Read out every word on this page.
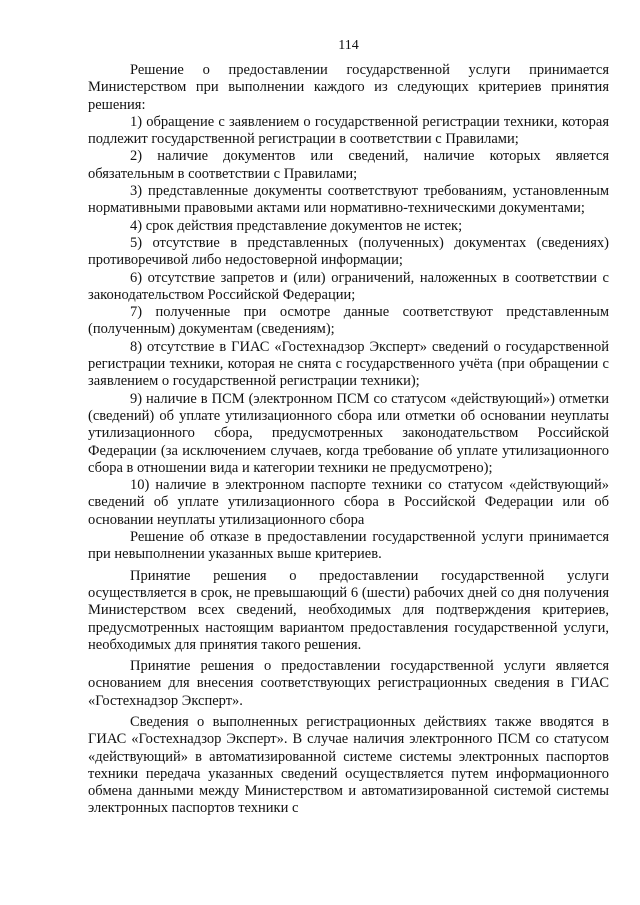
114

Решение о предоставлении государственной услуги принимается Министерством при выполнении каждого из следующих критериев принятия решения:

1) обращение с заявлением о государственной регистрации техники, которая подлежит государственной регистрации в соответствии с Правилами;

2) наличие документов или сведений, наличие которых является обязательным в соответствии с Правилами;

3) представленные документы соответствуют требованиям, установленным нормативными правовыми актами или нормативно-техническими документами;

4) срок действия представление документов не истек;

5) отсутствие в представленных (полученных) документах (сведениях) противоречивой либо недостоверной информации;

6) отсутствие запретов и (или) ограничений, наложенных в соответствии с законодательством Российской Федерации;

7) полученные при осмотре данные соответствуют представленным (полученным) документам (сведениям);

8) отсутствие в ГИАС «Гостехнадзор Эксперт» сведений о государственной регистрации техники, которая не снята с государственного учёта (при обращении с заявлением о государственной регистрации техники);

9) наличие в ПСМ (электронном ПСМ со статусом «действующий») отметки (сведений) об уплате утилизационного сбора или отметки об основании неуплаты утилизационного сбора, предусмотренных законодательством Российской Федерации (за исключением случаев, когда требование об уплате утилизационного сбора в отношении вида и категории техники не предусмотрено);

10) наличие в электронном паспорте техники со статусом «действующий» сведений об уплате утилизационного сбора в Российской Федерации или об основании неуплаты утилизационного сбора

Решение об отказе в предоставлении государственной услуги принимается при невыполнении указанных выше критериев.

Принятие решения о предоставлении государственной услуги осуществляется в срок, не превышающий 6 (шести) рабочих дней со дня получения Министерством всех сведений, необходимых для подтверждения критериев, предусмотренных настоящим вариантом предоставления государственной услуги, необходимых для принятия такого решения.

Принятие решения о предоставлении государственной услуги является основанием для внесения соответствующих регистрационных сведения в ГИАС «Гостехнадзор Эксперт».

Сведения о выполненных регистрационных действиях также вводятся в ГИАС «Гостехнадзор Эксперт». В случае наличия электронного ПСМ со статусом «действующий» в автоматизированной системе системы электронных паспортов техники передача указанных сведений осуществляется путем информационного обмена данными между Министерством и автоматизированной системой системы электронных паспортов техники с
